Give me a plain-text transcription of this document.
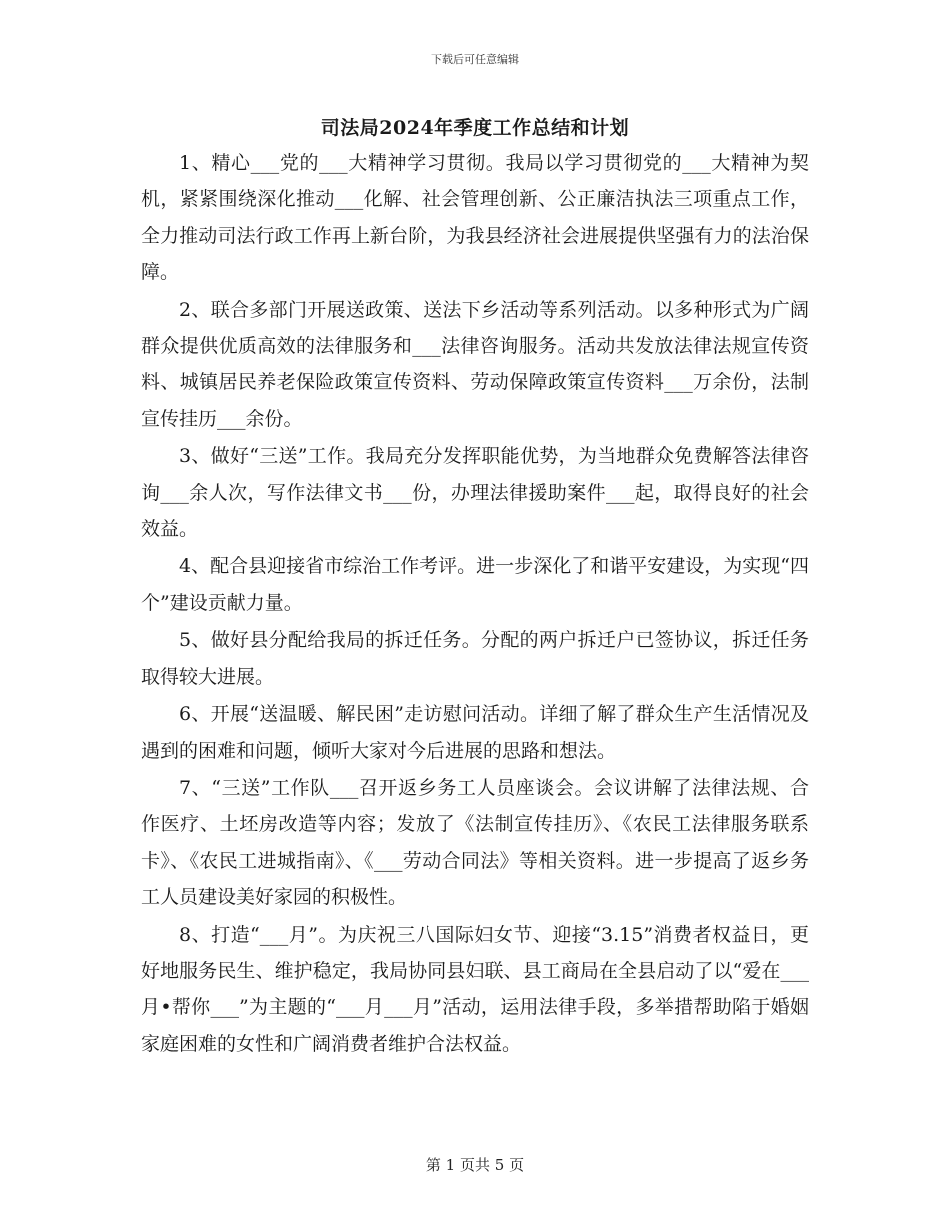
下载后可任意编辑
司法局2024年季度工作总结和计划

1、精心___党的___大精神学习贯彻。我局以学习贯彻党的___大精神为契机，紧紧围绕深化推动___化解、社会管理创新、公正廉洁执法三项重点工作，全力推动司法行政工作再上新台阶，为我县经济社会进展提供坚强有力的法治保障。

2、联合多部门开展送政策、送法下乡活动等系列活动。以多种形式为广阔群众提供优质高效的法律服务和___法律咨询服务。活动共发放法律法规宣传资料、城镇居民养老保险政策宣传资料、劳动保障政策宣传资料___万余份，法制宣传挂历___余份。

3、做好“三送”工作。我局充分发挥职能优势，为当地群众免费解答法律咨询___余人次，写作法律文书___份，办理法律援助案件___起，取得良好的社会效益。

4、配合县迎接省市综治工作考评。进一步深化了和谐平安建设，为实现“四个”建设贡献力量。

5、做好县分配给我局的拆迁任务。分配的两户拆迁户已签协议，拆迁任务取得较大进展。

6、开展“送温暖、解民困”走访慰问活动。详细了解了群众生产生活情况及遇到的困难和问题，倾听大家对今后进展的思路和想法。

7、“三送”工作队___召开返乡务工人员座谈会。会议讲解了法律法规、合作医疗、土坯房改造等内容；发放了《法制宣传挂历》、《农民工法律服务联系卡》、《农民工进城指南》、《___劳动合同法》等相关资料。进一步提高了返乡务工人员建设美好家园的积极性。

8、打造“___月”。为庆祝三八国际妇女节、迎接“3.15”消费者权益日，更好地服务民生、维护稳定，我局协同县妇联、县工商局在全县启动了以“爱在___月•帮你___”为主题的“___月___月”活动，运用法律手段，多举措帮助陷于婚姻家庭困难的女性和广阔消费者维护合法权益。

第 1 页共 5 页
